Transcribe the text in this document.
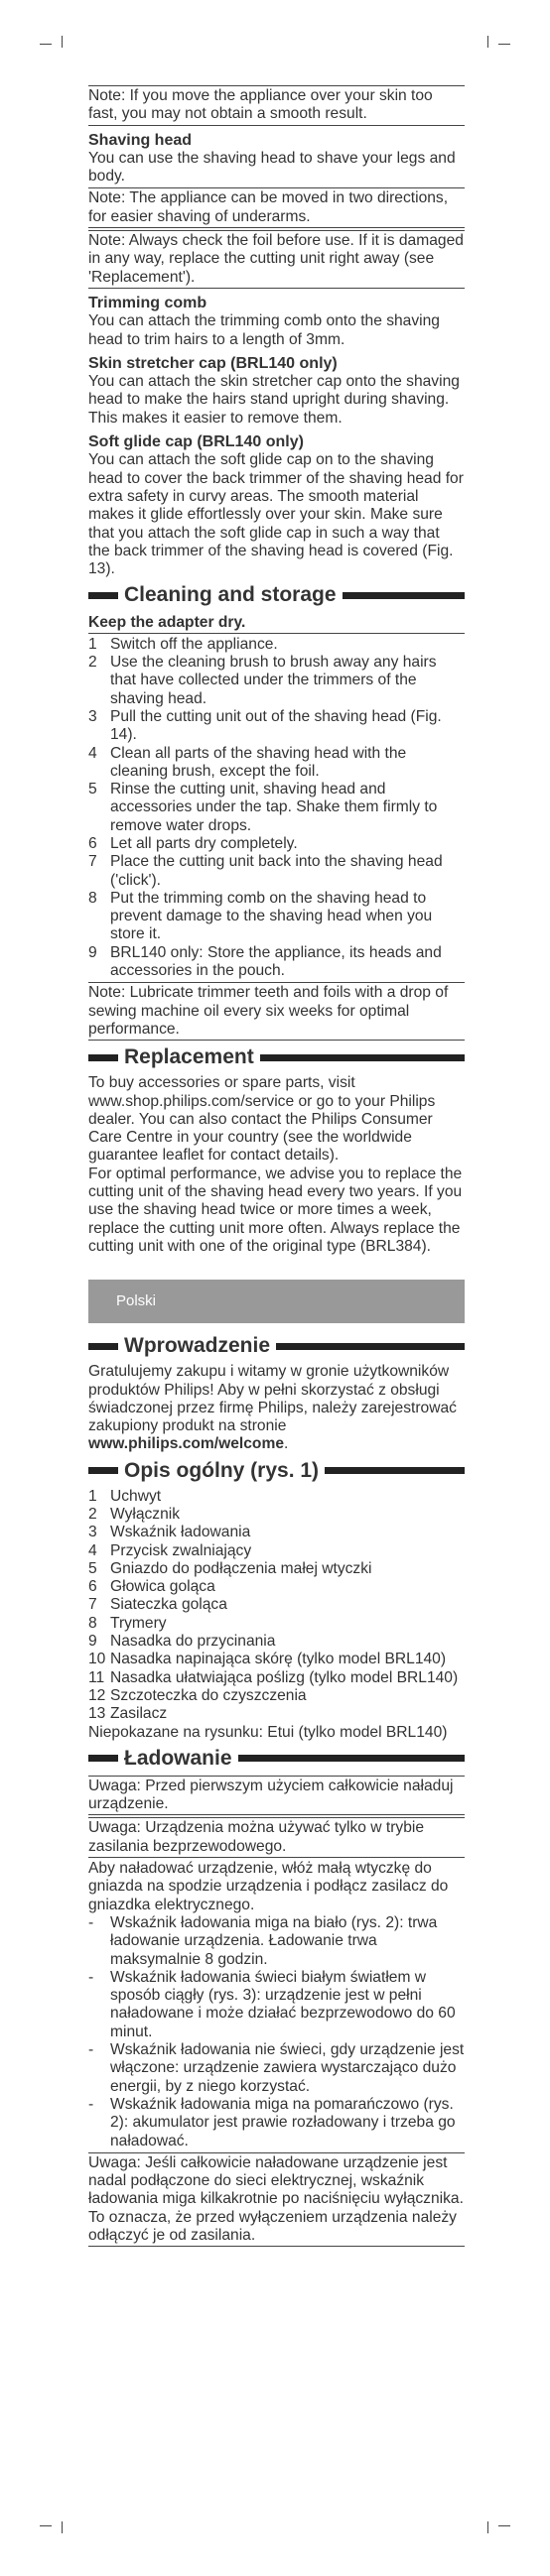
Note: If you move the appliance over your skin too fast, you may not obtain a smooth result.

Shaving head

You can use the shaving head to shave your legs and body.

Note: The appliance can be moved in two directions, for easier shaving of underarms.

Note: Always check the foil before use. If it is damaged in any way, replace the cutting unit right away (see 'Replacement').

Trimming comb

You can attach the trimming comb onto the shaving head to trim hairs to a length of 3mm.

Skin stretcher cap (BRL140 only)

You can attach the skin stretcher cap onto the shaving head to make the hairs stand upright during shaving. This makes it easier to remove them.

Soft glide cap (BRL140 only)

You can attach the soft glide cap on to the shaving head to cover the back trimmer of the shaving head for extra safety in curvy areas. The smooth material makes it glide effortlessly over your skin. Make sure that you attach the soft glide cap in such a way that the back trimmer of the shaving head is covered (Fig. 13).

Cleaning and storage

Keep the adapter dry.

1 Switch off the appliance.
2 Use the cleaning brush to brush away any hairs that have collected under the trimmers of the shaving head.
3 Pull the cutting unit out of the shaving head (Fig. 14).
4 Clean all parts of the shaving head with the cleaning brush, except the foil.
5 Rinse the cutting unit, shaving head and accessories under the tap. Shake them firmly to remove water drops.
6 Let all parts dry completely.
7 Place the cutting unit back into the shaving head ('click').
8 Put the trimming comb on the shaving head to prevent damage to the shaving head when you store it.
9 BRL140 only: Store the appliance, its heads and accessories in the pouch.

Note: Lubricate trimmer teeth and foils with a drop of sewing machine oil every six weeks for optimal performance.

Replacement

To buy accessories or spare parts, visit www.shop.philips.com/service or go to your Philips dealer. You can also contact the Philips Consumer Care Centre in your country (see the worldwide guarantee leaflet for contact details).

For optimal performance, we advise you to replace the cutting unit of the shaving head every two years. If you use the shaving head twice or more times a week, replace the cutting unit more often. Always replace the cutting unit with one of the original type (BRL384).

Polski
Wprowadzenie

Gratulujemy zakupu i witamy w gronie użytkowników produktów Philips! Aby w pełni skorzystać z obsługi świadczonej przez firmę Philips, należy zarejestrować zakupiony produkt na stronie www.philips.com/welcome.

Opis ogólny (rys. 1)
1 Uchwyt
2 Wyłącznik
3 Wskaźnik ładowania
4 Przycisk zwalniający
5 Gniazdo do podłączenia małej wtyczki
6 Głowica goląca
7 Siateczka goląca
8 Trymery
9 Nasadka do przycinania
10 Nasadka napinająca skórę (tylko model BRL140)
11 Nasadka ułatwiająca poślizg (tylko model BRL140)
12 Szczoteczka do czyszczenia
13 Zasilacz

Niepokazane na rysunku: Etui (tylko model BRL140)

Ładowanie

Uwaga: Przed pierwszym użyciem całkowicie naładuj urządzenie.

Uwaga: Urządzenia można używać tylko w trybie zasilania bezprzewodowego.

Aby naładować urządzenie, włóż małą wtyczkę do gniazda na spodzie urządzenia i podłącz zasilacz do gniazdka elektrycznego.

-	Wskaźnik ładowania miga na biało (rys. 2): trwa ładowanie urządzenia. Ładowanie trwa maksymalnie 8 godzin.
-	Wskaźnik ładowania świeci białym światłem w sposób ciągły (rys. 3): urządzenie jest w pełni naładowane i może działać bezprzewodowo do 60 minut.
-	Wskaźnik ładowania nie świeci, gdy urządzenie jest włączone: urządzenie zawiera wystarczająco dużo energii, by z niego korzystać.
-	Wskaźnik ładowania miga na pomarańczowo (rys. 2): akumulator jest prawie rozładowany i trzeba go naładować.

Uwaga: Jeśli całkowicie naładowane urządzenie jest nadal podłączone do sieci elektrycznej, wskaźnik ładowania miga kilkakrotnie po naciśnięciu wyłącznika. To oznacza, że przed wyłączeniem urządzenia należy odłączyć je od zasilania.
